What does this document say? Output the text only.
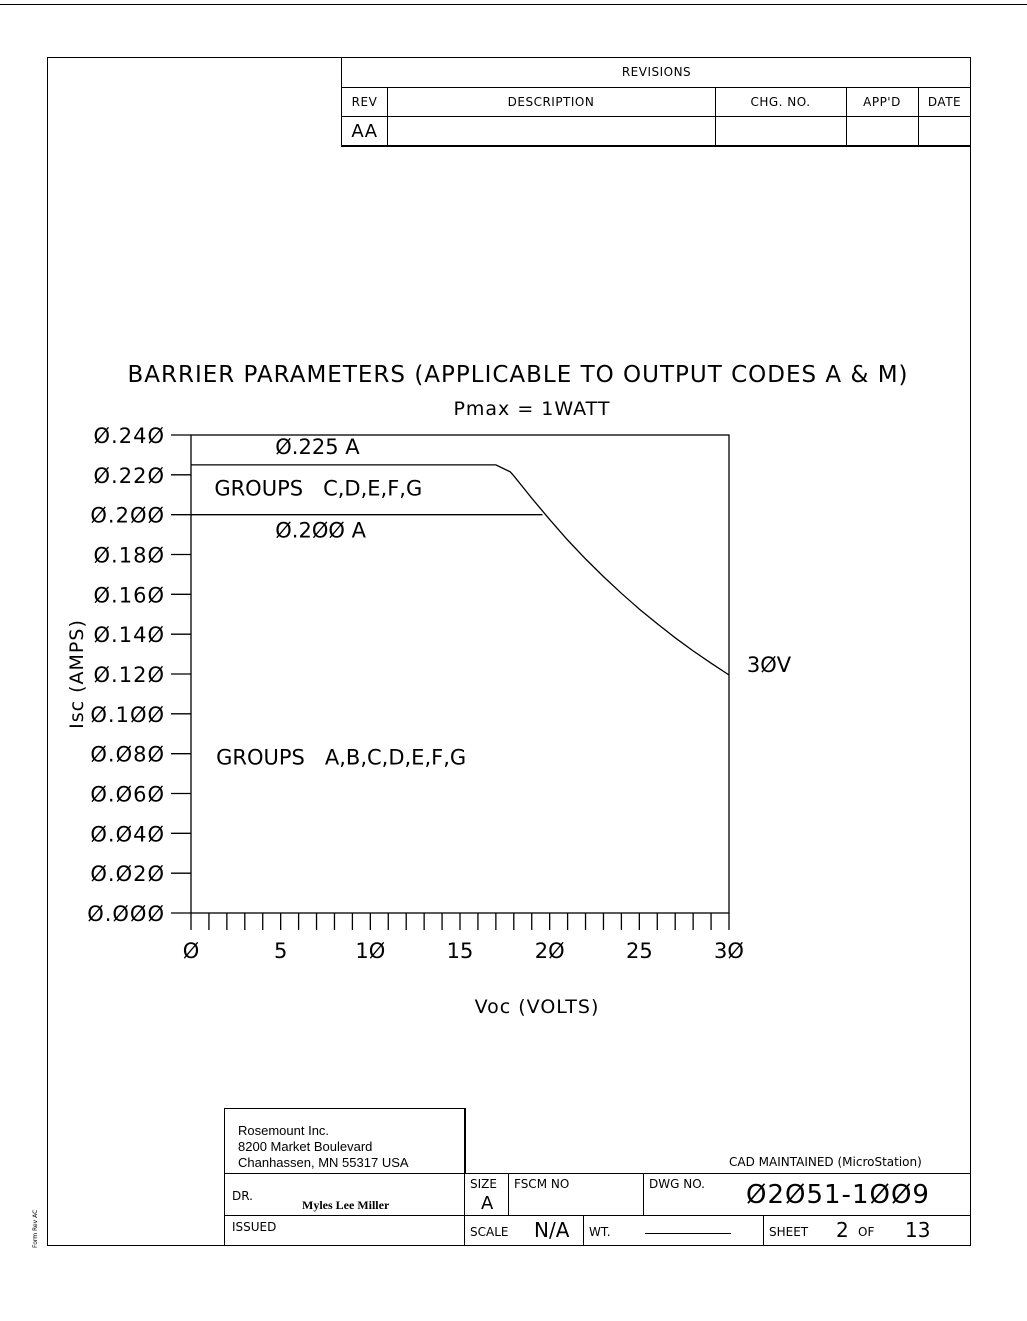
Form Rev AC
REVISIONS
REV	DESCRIPTION	CHG. NO.	APP'D	DATE
AA
BARRIER PARAMETERS (APPLICABLE TO OUTPUT CODES A & M)
Pmax = 1WATT
Isc (AMPS)
Voc (VOLTS)
Ø.ØØØ
Ø.Ø2Ø
Ø.Ø4Ø
Ø.Ø6Ø
Ø.Ø8Ø
Ø.1ØØ
Ø.12Ø
Ø.14Ø
Ø.16Ø
Ø.18Ø
Ø.2ØØ
Ø.22Ø
Ø.24Ø
Ø	5	1Ø	15	2Ø	25	3Ø
Ø.225 A
GROUPS   C,D,E,F,G
Ø.2ØØ A
3ØV
GROUPS   A,B,C,D,E,F,G
Rosemount Inc.
8200 Market Boulevard
Chanhassen, MN 55317 USA	CAD MAINTAINED (MicroStation)
DR.
Myles Lee Miller
ISSUED
SIZE
A
FSCM NO	DWG NO. Ø2Ø51-1ØØ9
SCALE N/A WT.	SHEET 2 OF 13
